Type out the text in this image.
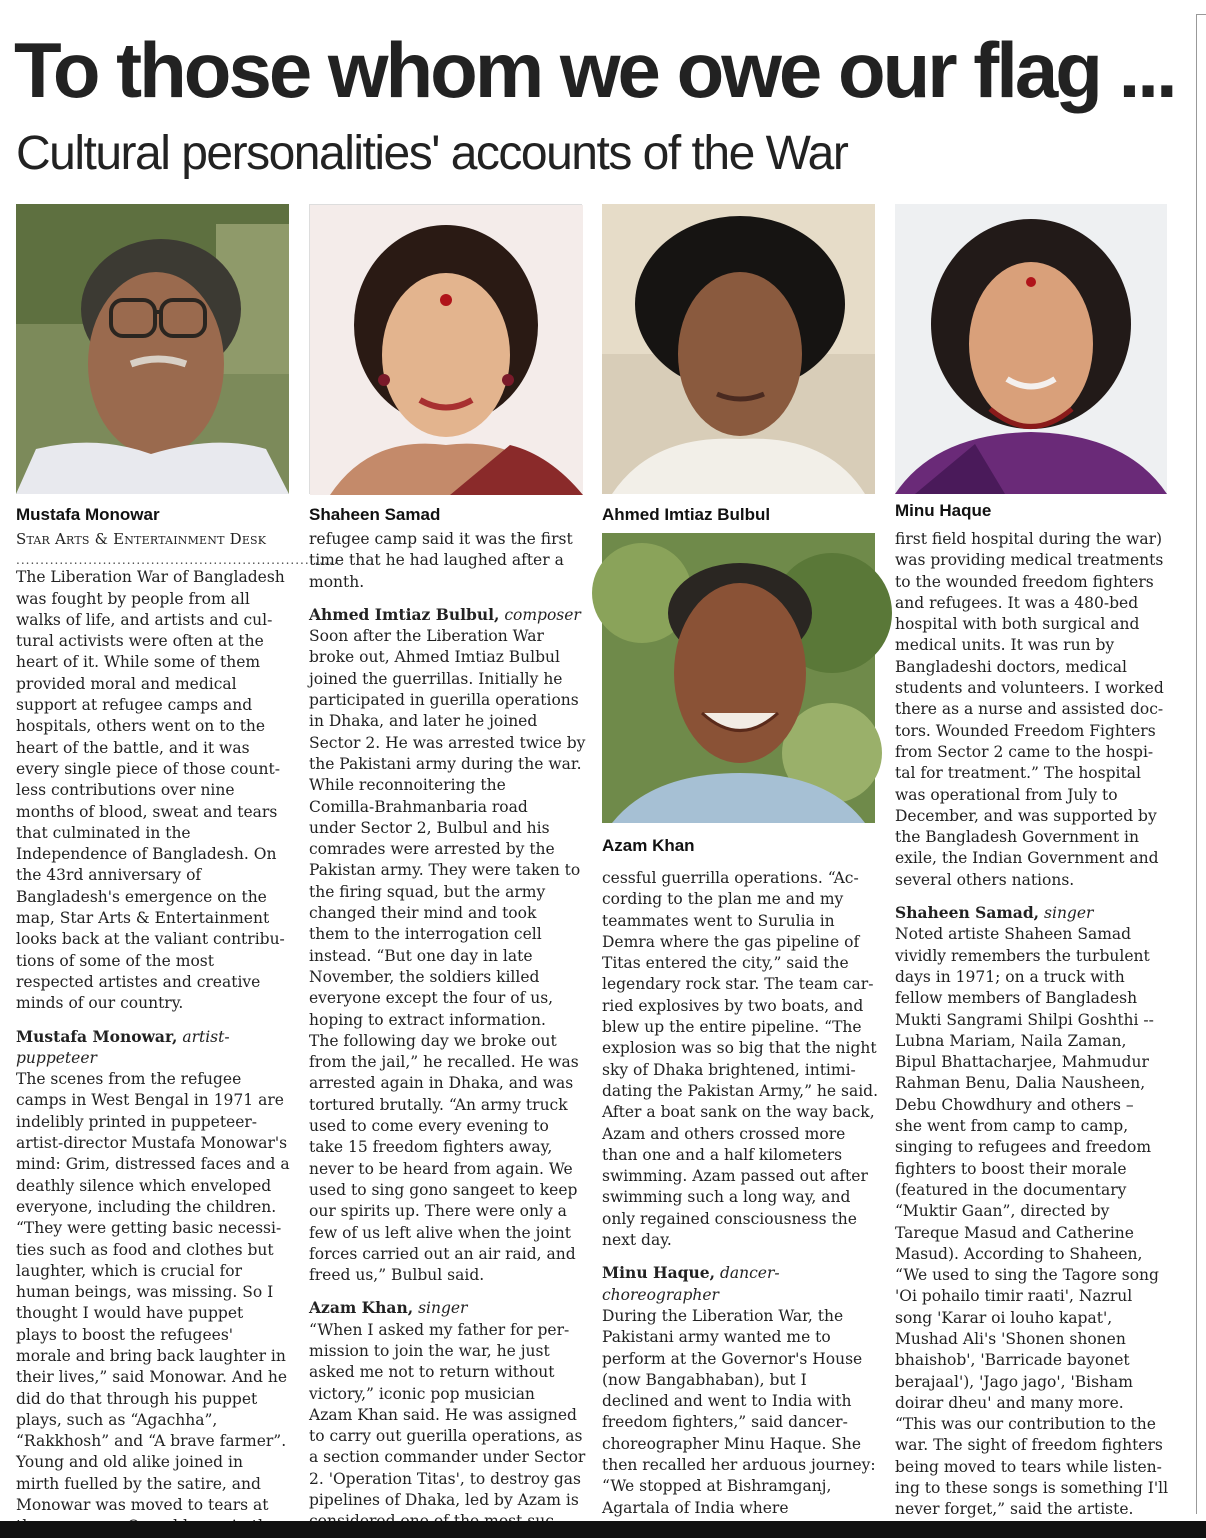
To those whom we owe our flag ...
Cultural personalities' accounts of the War
Mustafa Monowar	Shaheen Samad	Ahmed Imtiaz Bulbul	Minu Haque
Azam Khan
Star Arts & Entertainment Desk
...................................................................

The Liberation War of Bangladesh
was fought by people from all
walks of life, and artists and cul-
tural activists were often at the
heart of it. While some of them
provided moral and medical
support at refugee camps and
hospitals, others went on to the
heart of the battle, and it was
every single piece of those count-
less contributions over nine
months of blood, sweat and tears
that culminated in the
Independence of Bangladesh. On
the 43rd anniversary of
Bangladesh's emergence on the
map, Star Arts & Entertainment
looks back at the valiant contribu-
tions of some of the most
respected artistes and creative
minds of our country.

Mustafa Monowar, artist-puppeteer

The scenes from the refugee
camps in West Bengal in 1971 are
indelibly printed in puppeteer-
artist-director Mustafa Monowar's
mind: Grim, distressed faces and a
deathly silence which enveloped
everyone, including the children.
“They were getting basic necessi-
ties such as food and clothes but
laughter, which is crucial for
human beings, was missing. So I
thought I would have puppet
plays to boost the refugees'
morale and bring back laughter in
their lives,” said Monowar. And he
did do that through his puppet
plays, such as “Agachha”,
“Rakkhosh” and “A brave farmer”.
Young and old alike joined in
mirth fuelled by the satire, and
Monowar was moved to tears at

refugee camp said it was the first
time that he had laughed after a
month.

Ahmed Imtiaz Bulbul, composer

Soon after the Liberation War
broke out, Ahmed Imtiaz Bulbul
joined the guerrillas. Initially he
participated in guerilla operations
in Dhaka, and later he joined
Sector 2. He was arrested twice by
the Pakistani army during the war.
While reconnoitering the
Comilla-Brahmanbaria road
under Sector 2, Bulbul and his
comrades were arrested by the
Pakistan army. They were taken to
the firing squad, but the army
changed their mind and took
them to the interrogation cell
instead. “But one day in late
November, the soldiers killed
everyone except the four of us,
hoping to extract information.
The following day we broke out
from the jail,” he recalled. He was
arrested again in Dhaka, and was
tortured brutally. “An army truck
used to come every evening to
take 15 freedom fighters away,
never to be heard from again. We
used to sing gono sangeet to keep
our spirits up. There were only a
few of us left alive when the joint
forces carried out an air raid, and
freed us,” Bulbul said.

Azam Khan, singer

“When I asked my father for per-
mission to join the war, he just
asked me not to return without
victory,” iconic pop musician
Azam Khan said. He was assigned
to carry out guerilla operations, as
a section commander under Sector
2. 'Operation Titas', to destroy gas
pipelines of Dhaka, led by Azam is

cessful guerrilla operations. “Ac-
cording to the plan me and my
teammates went to Surulia in
Demra where the gas pipeline of
Titas entered the city,” said the
legendary rock star. The team car-
ried explosives by two boats, and
blew up the entire pipeline. “The
explosion was so big that the night
sky of Dhaka brightened, intimi-
dating the Pakistan Army,” he said.
After a boat sank on the way back,
Azam and others crossed more
than one and a half kilometers
swimming. Azam passed out after
swimming such a long way, and
only regained consciousness the
next day.

Minu Haque, dancer-choreographer

During the Liberation War, the
Pakistani army wanted me to
perform at the Governor's House
(now Bangabhaban), but I
declined and went to India with
freedom fighters,” said dancer-
choreographer Minu Haque. She
then recalled her arduous journey:
“We stopped at Bishramganj,
Agartala of India where

first field hospital during the war)
was providing medical treatments
to the wounded freedom fighters
and refugees. It was a 480-bed
hospital with both surgical and
medical units. It was run by
Bangladeshi doctors, medical
students and volunteers. I worked
there as a nurse and assisted doc-
tors. Wounded Freedom Fighters
from Sector 2 came to the hospi-
tal for treatment.” The hospital
was operational from July to
December, and was supported by
the Bangladesh Government in
exile, the Indian Government and
several others nations.

Shaheen Samad, singer

Noted artiste Shaheen Samad
vividly remembers the turbulent
days in 1971; on a truck with
fellow members of Bangladesh
Mukti Sangrami Shilpi Goshthi --
Lubna Mariam, Naila Zaman,
Bipul Bhattacharjee, Mahmudur
Rahman Benu, Dalia Nausheen,
Debu Chowdhury and others –
she went from camp to camp,
singing to refugees and freedom
fighters to boost their morale
(featured in the documentary
“Muktir Gaan”, directed by
Tareque Masud and Catherine
Masud). According to Shaheen,
“We used to sing the Tagore song
'Oi pohailo timir raati', Nazrul
song 'Karar oi louho kapat',
Mushad Ali's 'Shonen shonen
bhaishob', 'Barricade bayonet
berajaal'), 'Jago jago', 'Bisham
doirar dheu' and many more.
“This was our contribution to the
war. The sight of freedom fighters
being moved to tears while listen-
ing to these songs is something I'll
never forget,” said the artiste.
